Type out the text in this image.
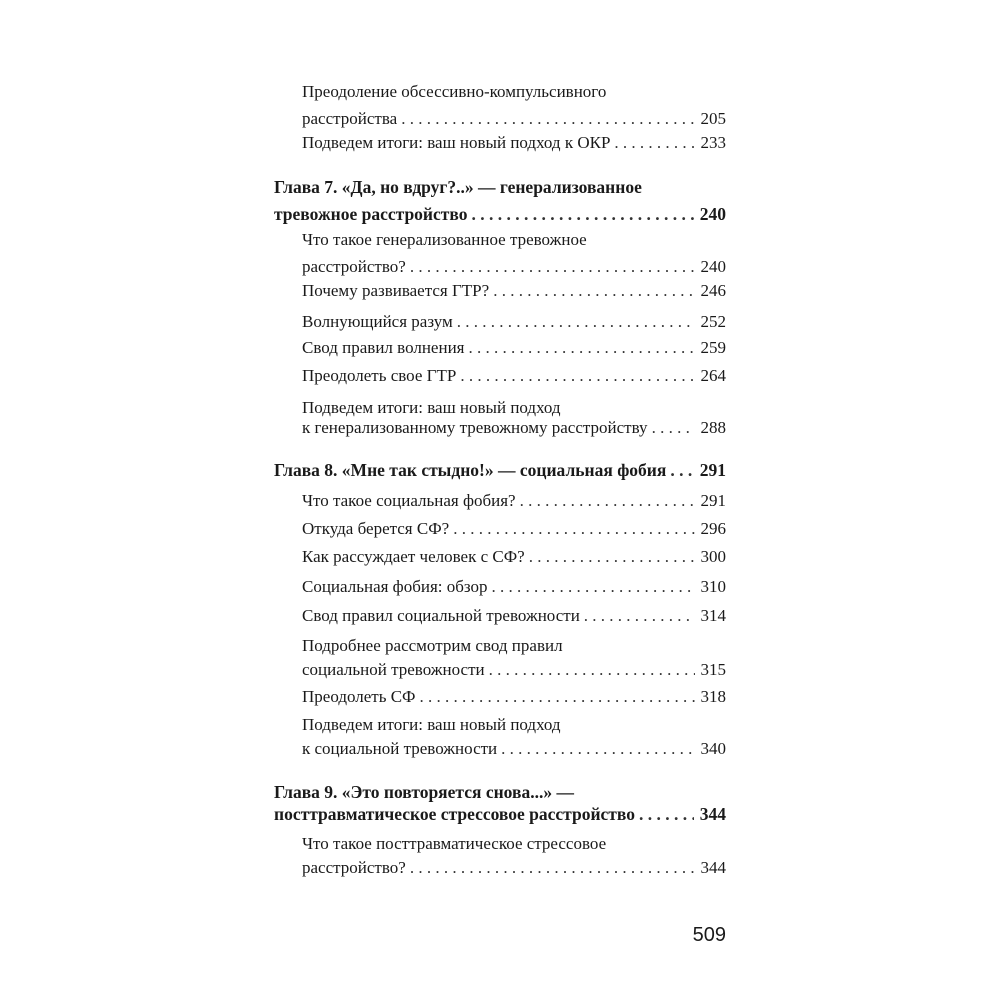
Преодоление обсессивно-компульсивного
расстройства . . .	205
Подведем итоги: ваш новый подход к ОКР . . .	233
Глава 7. «Да, но вдруг?..» — генерализованное
тревожное расстройство . . .	240
Что такое генерализованное тревожное
расстройство? . . .	240
Почему развивается ГТР? . . .	246
Волнующийся разум . . .	252
Свод правил волнения . . .	259
Преодолеть свое ГТР . . .	264
Подведем итоги: ваш новый подход
к генерализованному тревожному расстройству . . .	288
Глава 8. «Мне так стыдно!» — социальная фобия . . . 291
Что такое социальная фобия? . . .	291
Откуда берется СФ? . . .	296
Как рассуждает человек с СФ? . . .	300
Социальная фобия: обзор . . .	310
Свод правил социальной тревожности . . .	314
Подробнее рассмотрим свод правил
социальной тревожности . . .	315
Преодолеть СФ . . .	318
Подведем итоги: ваш новый подход
к социальной тревожности . . .	340
Глава 9. «Это повторяется снова...» —
посттравматическое стрессовое расстройство . . .	344
Что такое посттравматическое стрессовое
расстройство? . . .	344
509
